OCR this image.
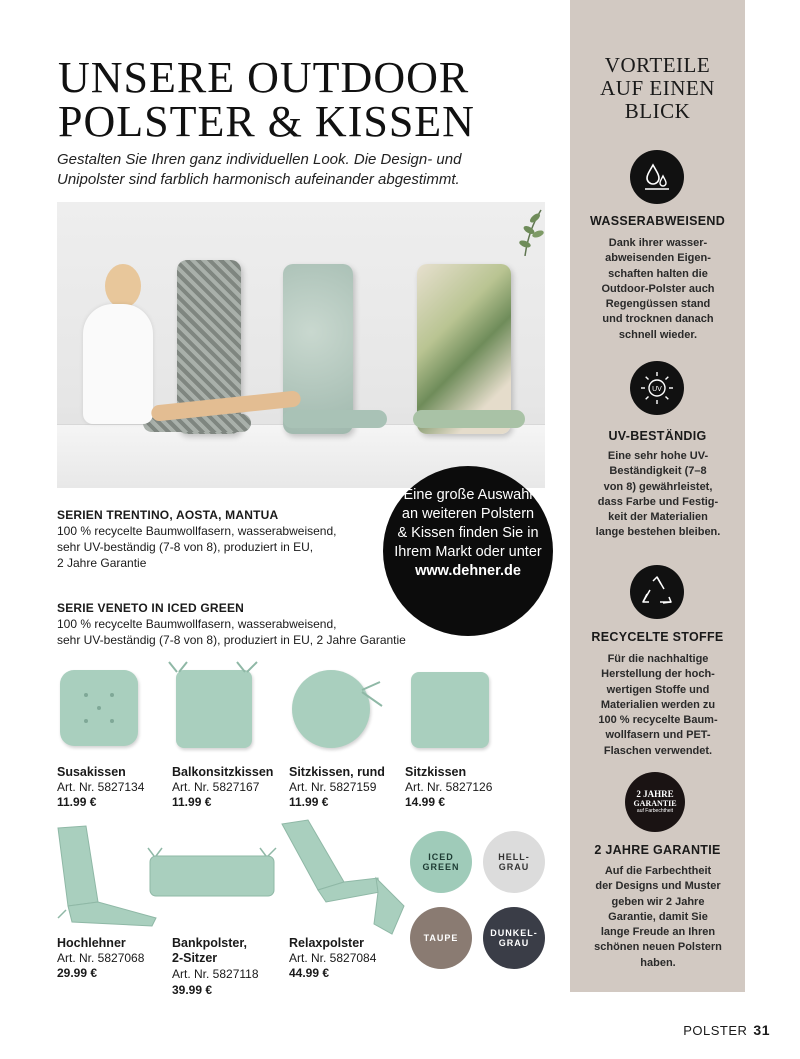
UNSERE OUTDOOR
POLSTER & KISSEN
Gestalten Sie Ihren ganz individuellen Look. Die Design- und Unipolster sind farblich harmonisch aufeinander abgestimmt.
Eine große Auswahl
an weiteren Polstern
& Kissen finden Sie in
Ihrem Markt oder unter
www.dehner.de
SERIEN TRENTINO, AOSTA, MANTUA
100 % recycelte Baumwollfasern, wasserabweisend,
sehr UV-beständig (7-8 von 8), produziert in EU,
2 Jahre Garantie
SERIE VENETO IN ICED GREEN
100 % recycelte Baumwollfasern, wasserabweisend,
sehr UV-beständig (7-8 von 8), produziert in EU, 2 Jahre Garantie
Susakissen
Art. Nr. 5827134
11.99 €
Balkonsitzkissen
Art. Nr. 5827167
11.99 €
Sitzkissen, rund
Art. Nr. 5827159
11.99 €
Sitzkissen
Art. Nr. 5827126
14.99 €
ICED
GREEN
HELL-
GRAU
TAUPE	DUNKEL-
GRAU
Hochlehner
Art. Nr. 5827068
29.99 €
Bankpolster,
2-Sitzer
Art. Nr. 5827118
39.99 €
Relaxpolster
Art. Nr. 5827084
44.99 €
VORTEILE
AUF EINEN
BLICK
WASSERABWEISEND
Dank ihrer wasser-
abweisenden Eigen-
schaften halten die
Outdoor-Polster auch
Regengüssen stand
und trocknen danach
schnell wieder.
UV
UV-BESTÄNDIG
Eine sehr hohe UV-
Beständigkeit (7–8
von 8) gewährleistet,
dass Farbe und Festig-
keit der Materialien
lange bestehen bleiben.
RECYCELTE STOFFE
Für die nachhaltige
Herstellung der hoch-
wertigen Stoffe und
Materialien werden zu
100 % recycelte Baum-
wollfasern und PET-
Flaschen verwendet.
2 JAHRE
GARANTIE
auf Farbechtheit
2 JAHRE GARANTIE
Auf die Farbechtheit
der Designs und Muster
geben wir 2 Jahre
Garantie, damit Sie
lange Freude an Ihren
schönen neuen Polstern
haben.
POLSTER 31
